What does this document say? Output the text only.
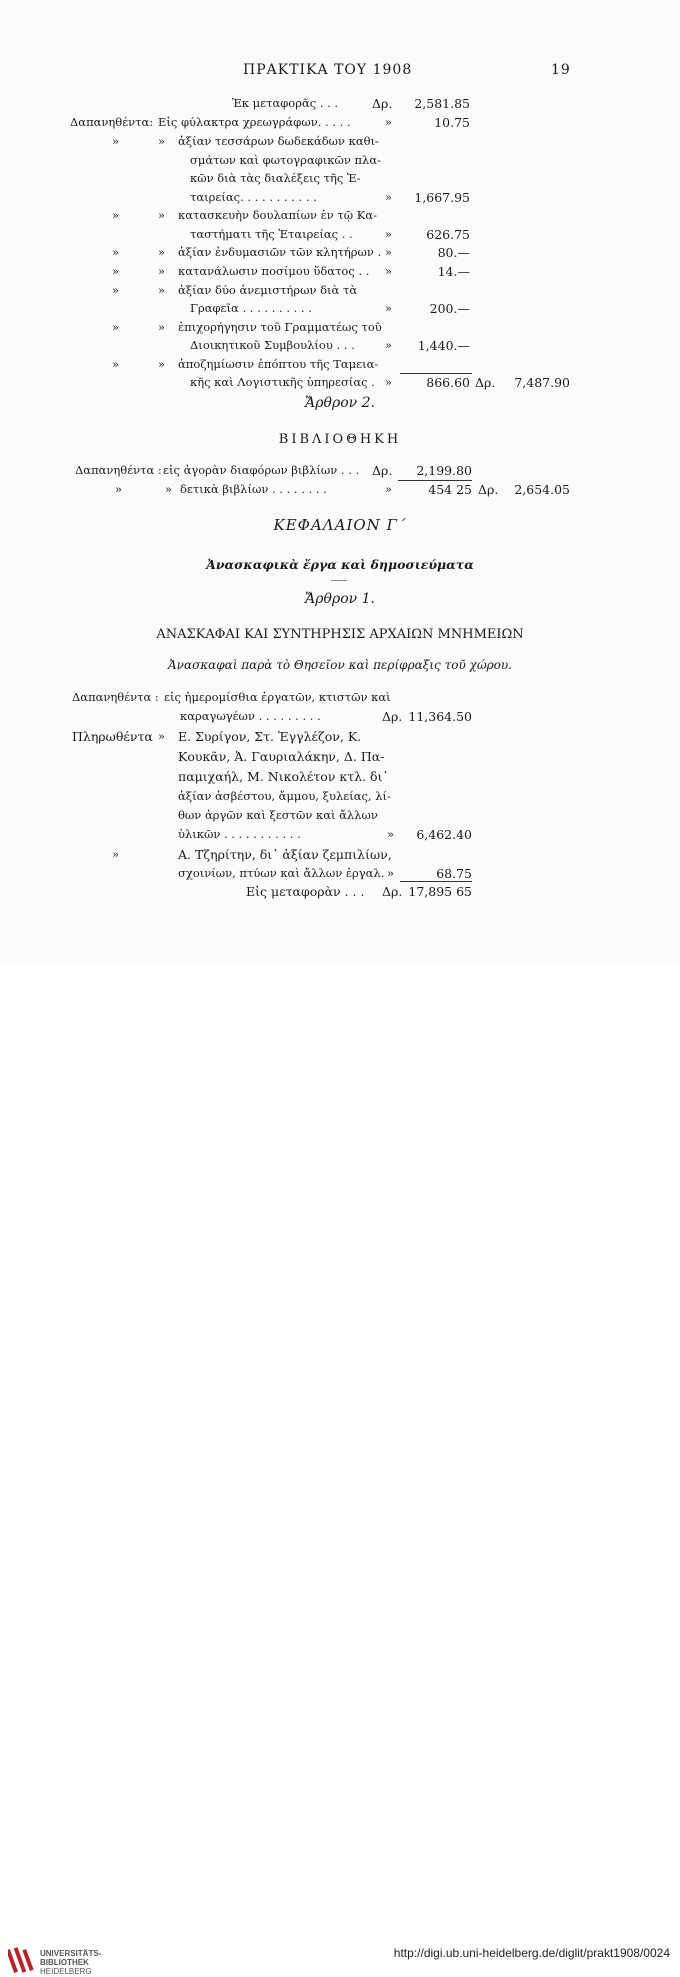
ΠΡΑΚΤΙΚΑ ΤΟΥ 1908	19
Ἐκ μεταφορᾶς . . .	Δρ. 2,581.85
Δαπανηθέντα: Εἰς φύλακτρα χρεωγράφων. . . . .	»	10.75
»	» ἀξίαν τεσσάρων δωδεκάδων καθι-
σμάτων καὶ φωτογραφικῶν πλα-
κῶν διὰ τὰς διαλέξεις τῆς Ἑ-
ταιρείας. . . . . . . . . . .	» 1,667.95
»	» κατασκευὴν δουλαπίων ἐν τῷ Κα-
ταστήματι τῆς Ἑταιρείας . .	»	626.75
»	» ἀξίαν ἐνδυμασιῶν τῶν κλητήρων . »	80.—
»	» κατανάλωσιν ποσίμου ὕδατος . . »	14.—
»	» ἀξίαν δύο ἀνεμιστήρων διὰ τὰ
Γραφεῖα . . . . . . . . . .	»	200.—
»	» ἐπιχορήγησιν τοῦ Γραμματέως τοῦ
Διοικητικοῦ Συμβουλίου . . .	» 1,440.—
»	» ἀποζημίωσιν ἐπόπτου τῆς Ταμεια-
κῆς καὶ Λογιστικῆς ὑπηρεσίας . »	866.60 Δρ. 7,487.90
Ἄρθρον 2.
ΒΙΒΛΙΟΘΗΚΗ
Δαπανηθέντα : εἰς ἀγορὰν διαφόρων βιβλίων . . . Δρ. 2,199.80
»	» δετικὰ βιβλίων . . . . . . . .	»	454 25 Δρ. 2,654.05
ΚΕΦΑΛΑΙΟΝ Γ΄
Ἀνασκαφικὰ ἔργα καὶ δημοσιεύματα
Ἄρθρον 1.
ΑΝΑΣΚΑΦΑΙ ΚΑΙ ΣΥΝΤΗΡΗΣΙΣ ΑΡΧΑΙΩΝ ΜΝΗΜΕΙΩΝ
Ἀνασκαφαὶ παρὰ τὸ Θησεῖον καὶ περίφραξις τοῦ χώρου.
Δαπανηθέντα : εἰς ἡμερομίσθια ἐργατῶν, κτιστῶν καὶ
καραγωγέων . . . . . . . . .	Δρ. 11,364.50
Πληρωθέντα » Ε. Συρίγον, Στ. Ἐγγλέζον, Κ.
Κουκᾶν, Ἀ. Γαυριαλάκην, Δ. Πα-
παμιχαήλ, Μ. Νικολέτον κτλ. δι᾽
ἀξίαν ἀσβέστου, ἄμμου, ξυλείας, λί-
θων ἀργῶν καὶ ξεστῶν καὶ ἄλλων
ὑλικῶν . . . . . . . . . . .	» 6,462.40
»	Α. Τζηρίτην, δι᾽ ἀξίαν ζεμπιλίων,
σχοινίων, πτύων καὶ ἄλλων ἐργαλ. »	68.75
Εἰς μεταφορὰν . . . Δρ. 17,895 65
UNIVERSITÄTS-
BIBLIOTHEK
HEIDELBERG
http://digi.ub.uni-heidelberg.de/diglit/prakt1908/0024
